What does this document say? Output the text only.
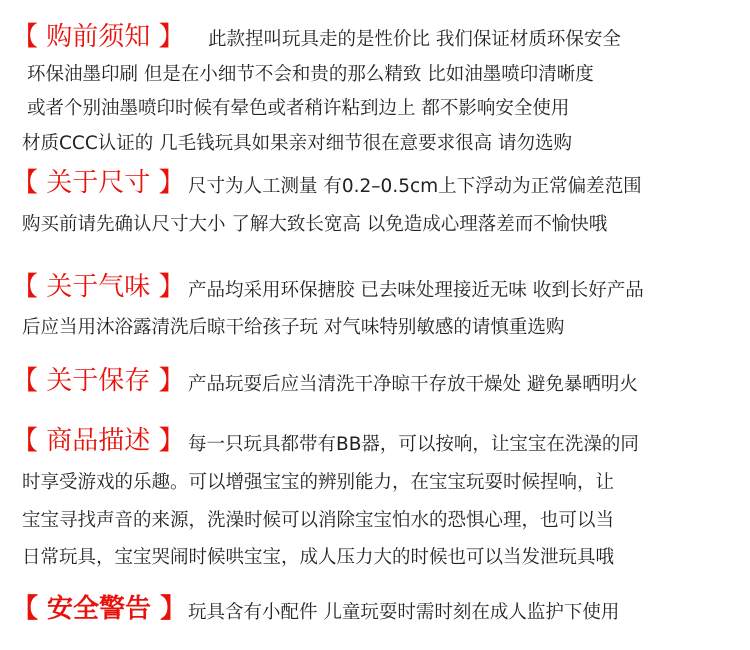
【 购前须知 】 此款捏叫玩具走的是性价比 我们保证材质环保安全
环保油墨印刷 但是在小细节不会和贵的那么精致 比如油墨喷印清晰度
或者个别油墨喷印时候有晕色或者稍许粘到边上 都不影响安全使用
材质CCC认证的 几毛钱玩具如果亲对细节很在意要求很高 请勿选购
【 关于尺寸 】 尺寸为人工测量 有0.2–0.5cm上下浮动为正常偏差范围
购买前请先确认尺寸大小 了解大致长宽高 以免造成心理落差而不愉快哦
【 关于气味 】 产品均采用环保搪胶 已去味处理接近无味 收到长好产品
后应当用沐浴露清洗后晾干给孩子玩 对气味特别敏感的请慎重选购
【 关于保存 】 产品玩耍后应当清洗干净晾干存放干燥处 避免暴晒明火
【 商品描述 】 每一只玩具都带有BB器，可以按响，让宝宝在洗澡的同
时享受游戏的乐趣。可以增强宝宝的辨别能力，在宝宝玩耍时候捏响，让
宝宝寻找声音的来源，洗澡时候可以消除宝宝怕水的恐惧心理，也可以当
日常玩具，宝宝哭闹时候哄宝宝，成人压力大的时候也可以当发泄玩具哦
【 安全警告 】 玩具含有小配件 儿童玩耍时需时刻在成人监护下使用
